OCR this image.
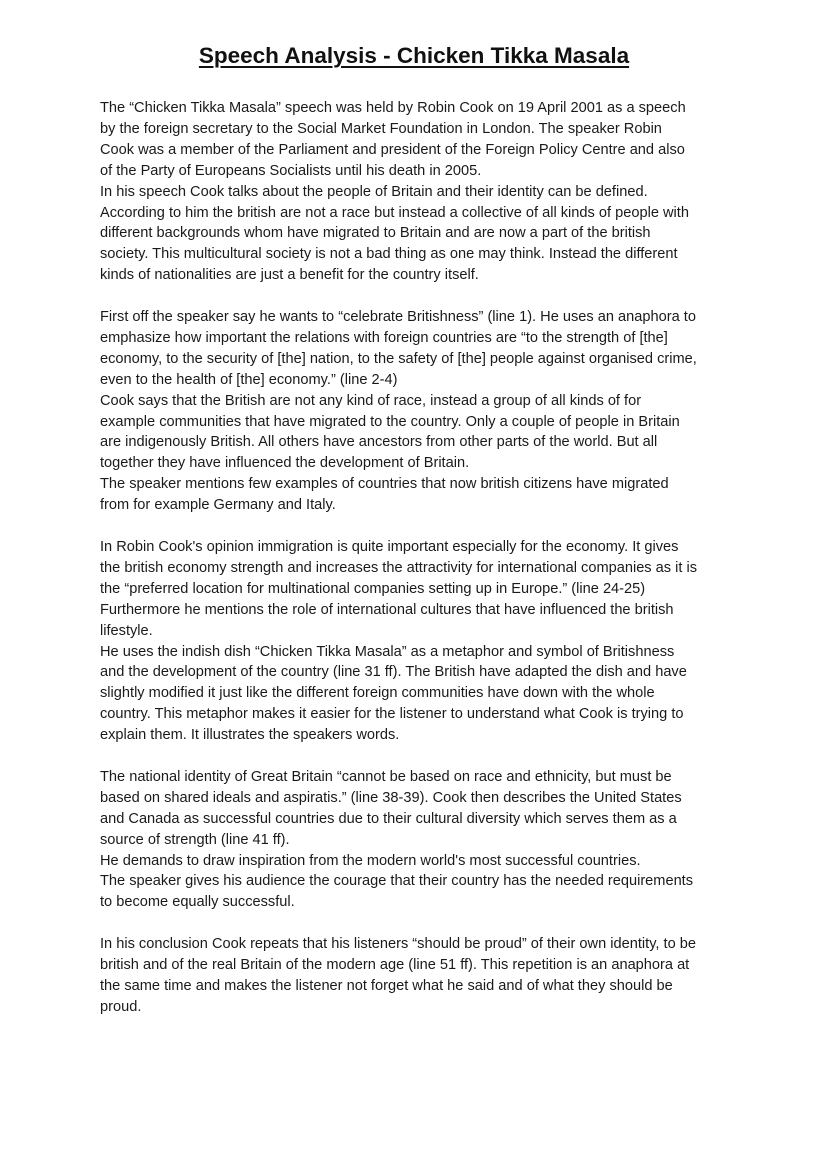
Speech Analysis - Chicken Tikka Masala

The “Chicken Tikka Masala” speech was held by Robin Cook on 19 April 2001 as a speech
by the foreign secretary to the Social Market Foundation in London. The speaker Robin
Cook was a member of the Parliament and president of the Foreign Policy Centre and also
of the Party of Europeans Socialists until his death in 2005.
In his speech Cook talks about the people of Britain and their identity can be defined.
According to him the british are not a race but instead a collective of all kinds of people with
different backgrounds whom have migrated to Britain and are now a part of the british
society. This multicultural society is not a bad thing as one may think. Instead the different
kinds of nationalities are just a benefit for the country itself.

First off the speaker say he wants to “celebrate Britishness” (line 1). He uses an anaphora to
emphasize how important the relations with foreign countries are “to the strength of [the]
economy, to the security of [the] nation, to the safety of [the] people against organised crime,
even to the health of [the] economy.” (line 2-4)
Cook says that the British are not any kind of race, instead a group of all kinds of for
example communities that have migrated to the country. Only a couple of people in Britain
are indigenously British. All others have ancestors from other parts of the world. But all
together they have influenced the development of Britain.
The speaker mentions few examples of countries that now british citizens have migrated
from for example Germany and Italy.

In Robin Cook's opinion immigration is quite important especially for the economy. It gives
the british economy strength and increases the attractivity for international companies as it is
the “preferred location for multinational companies setting up in Europe.” (line 24-25)
Furthermore he mentions the role of international cultures that have influenced the british
lifestyle.
He uses the indish dish “Chicken Tikka Masala” as a metaphor and symbol of Britishness
and the development of the country (line 31 ff). The British have adapted the dish and have
slightly modified it just like the different foreign communities have down with the whole
country. This metaphor makes it easier for the listener to understand what Cook is trying to
explain them. It illustrates the speakers words.

The national identity of Great Britain “cannot be based on race and ethnicity, but must be
based on shared ideals and aspiratis.” (line 38-39). Cook then describes the United States
and Canada as successful countries due to their cultural diversity which serves them as a
source of strength (line 41 ff).
He demands to draw inspiration from the modern world's most successful countries.
The speaker gives his audience the courage that their country has the needed requirements
to become equally successful.

In his conclusion Cook repeats that his listeners “should be proud” of their own identity, to be
british and of the real Britain of the modern age (line 51 ff). This repetition is an anaphora at
the same time and makes the listener not forget what he said and of what they should be
proud.
